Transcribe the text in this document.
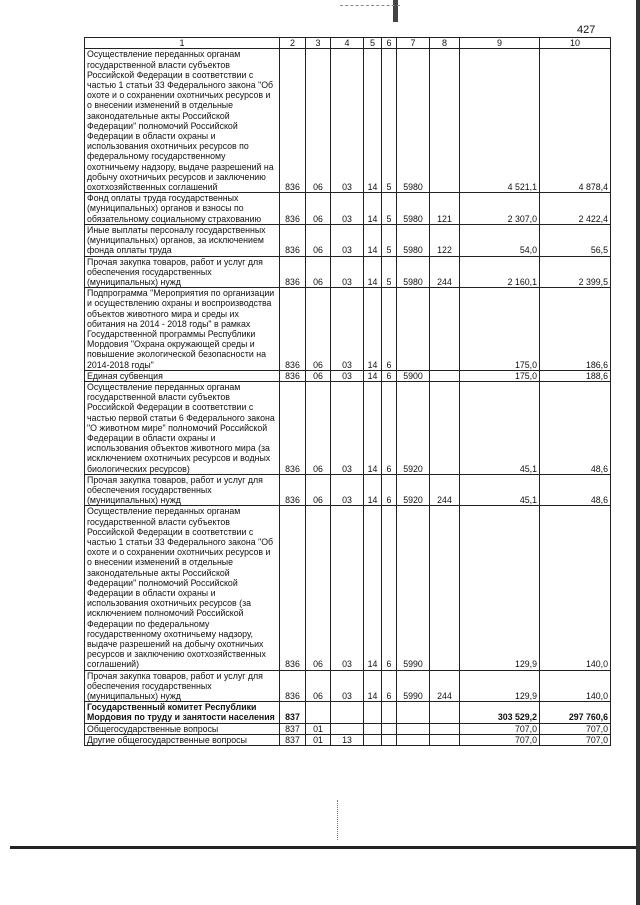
427
1	2	3	4	5	6	7	8	9	10
Осуществление переданных органам государственной власти субъектов Российской Федерации в соответствии с частью 1 статьи 33 Федерального закона "Об охоте и о сохранении охотничьих ресурсов и о внесении изменений в отдельные законодательные акты Российской Федерации" полномочий Российской Федерации в области охраны и использования охотничьих ресурсов по федеральному государственному охотничьему надзору, выдаче разрешений на добычу охотничьих ресурсов и заключению охотхозяйственных соглашений	836	06	03	14	5	5980		4 521,1	4 878,4
Фонд оплаты труда государственных (муниципальных) органов и взносы по обязательному социальному страхованию	836	06	03	14	5	5980	121	2 307,0	2 422,4
Иные выплаты персоналу государственных (муниципальных) органов, за исключением фонда оплаты труда	836	06	03	14	5	5980	122	54,0	56,5
Прочая закупка товаров, работ и услуг для обеспечения государственных (муниципальных) нужд	836	06	03	14	5	5980	244	2 160,1	2 399,5
Подпрограмма "Мероприятия по организации и осуществлению охраны и воспроизводства объектов животного мира и среды их обитания на 2014 - 2018 годы" в рамках Государственной программы Республики Мордовия "Охрана окружающей среды и повышение экологической безопасности на 2014-2018 годы"	836	06	03	14	6			175,0	186,6
Единая субвенция	836	06	03	14	6	5900		175,0	188,6
Осуществление переданных органам государственной власти субъектов Российской Федерации в соответствии с частью первой статьи 6 Федерального закона "О животном мире" полномочий Российской Федерации в области охраны и использования объектов животного мира (за исключением охотничьих ресурсов и водных биологических ресурсов)	836	06	03	14	6	5920		45,1	48,6
Прочая закупка товаров, работ и услуг для обеспечения государственных (муниципальных) нужд	836	06	03	14	6	5920	244	45,1	48,6
Осуществление переданных органам государственной власти субъектов Российской Федерации в соответствии с частью 1 статьи 33 Федерального закона "Об охоте и о сохранении охотничьих ресурсов и о внесении изменений в отдельные законодательные акты Российской Федерации" полномочий Российской Федерации в области охраны и использования охотничьих ресурсов (за исключением полномочий Российской Федерации по федеральному государственному охотничьему надзору, выдаче разрешений на добычу охотничьих ресурсов и заключению охотхозяйственных соглашений)	836	06	03	14	6	5990		129,9	140,0
Прочая закупка товаров, работ и услуг для обеспечения государственных (муниципальных) нужд	836	06	03	14	6	5990	244	129,9	140,0
Государственный комитет Республики Мордовия по труду и занятости населения	837							303 529,2	297 760,6
Общегосударственные вопросы	837	01						707,0	707,0
Другие общегосударственные вопросы	837	01	13					707,0	707,0
